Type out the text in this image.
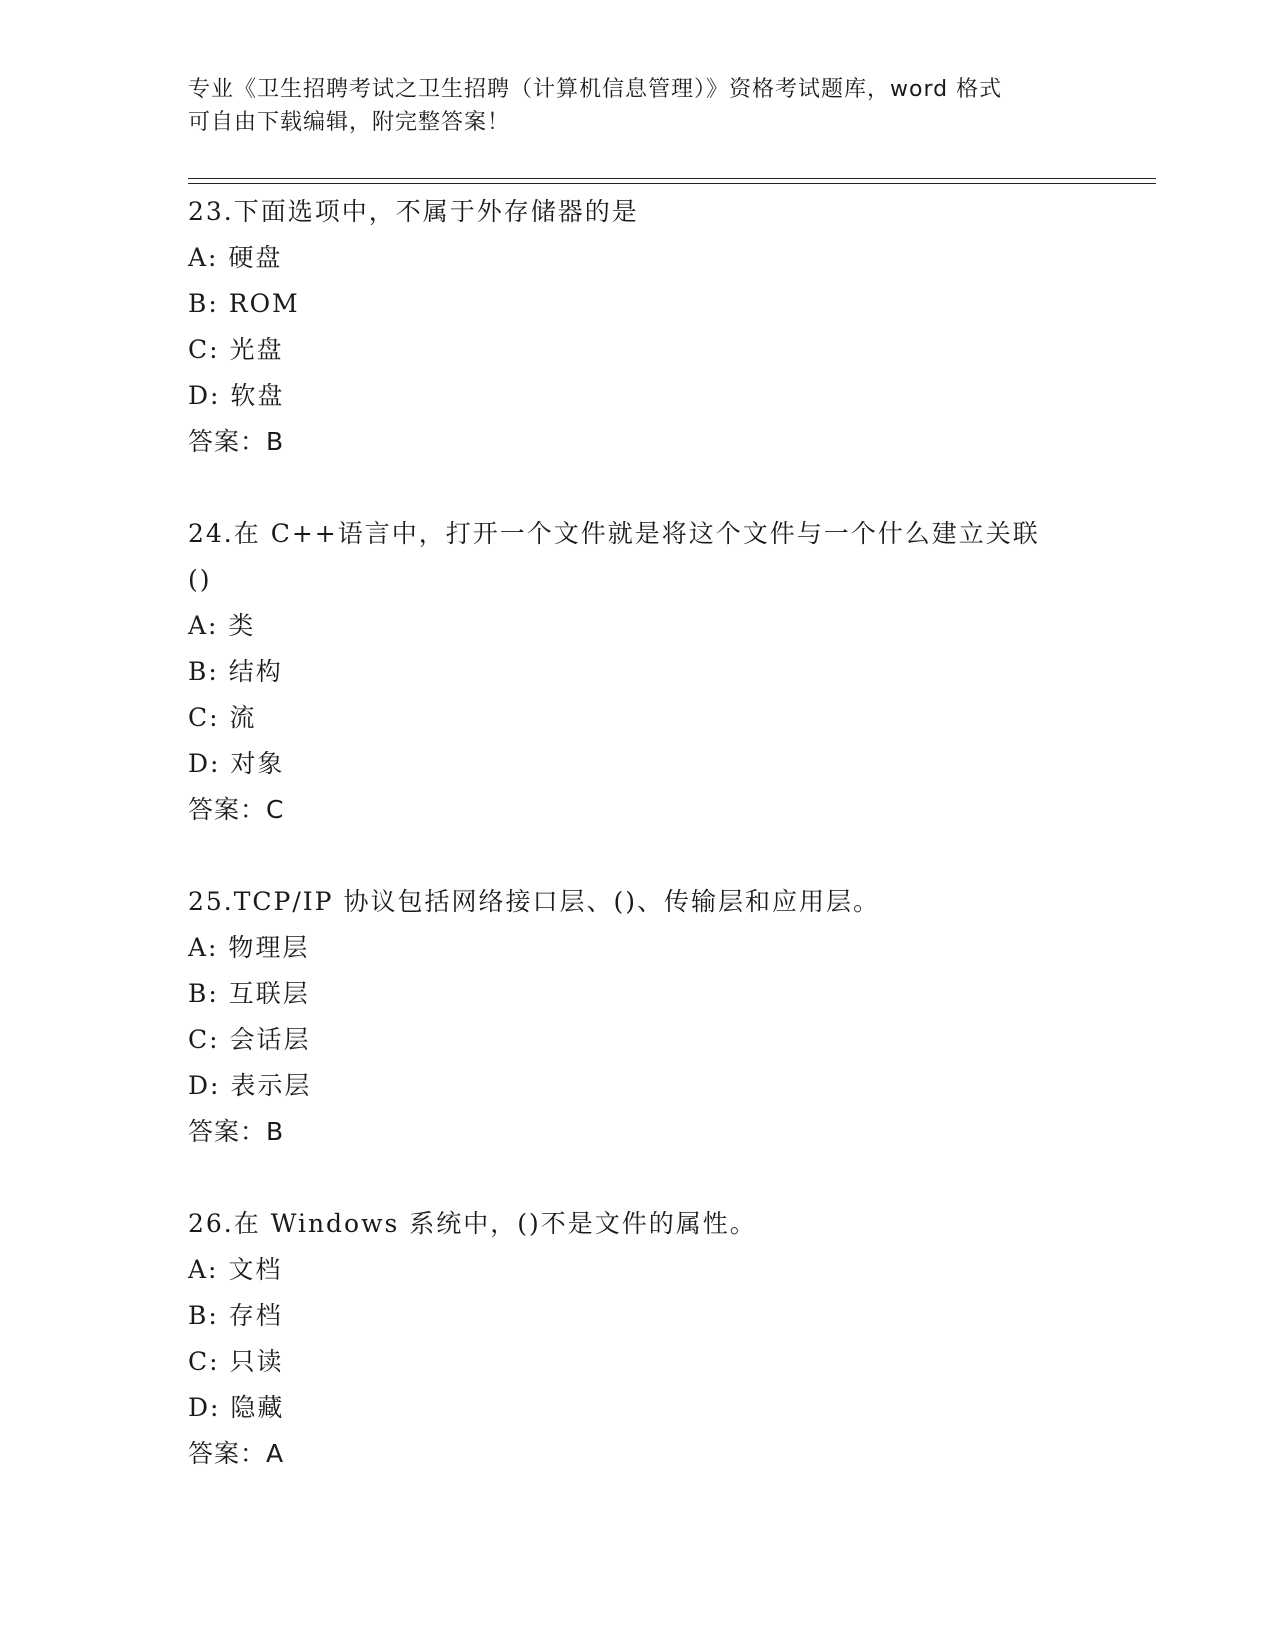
专业《卫生招聘考试之卫生招聘（计算机信息管理）》资格考试题库，word 格式
可自由下载编辑，附完整答案！
23.下面选项中，不属于外存储器的是
A: 硬盘
B: ROM
C: 光盘
D: 软盘
答案：B
24.在 C++语言中，打开一个文件就是将这个文件与一个什么建立关联
()
A: 类
B: 结构
C: 流
D: 对象
答案：C
25.TCP/IP 协议包括网络接口层、()、传输层和应用层。
A: 物理层
B: 互联层
C: 会话层
D: 表示层
答案：B
26.在 Windows 系统中，()不是文件的属性。
A: 文档
B: 存档
C: 只读
D: 隐藏
答案：A
